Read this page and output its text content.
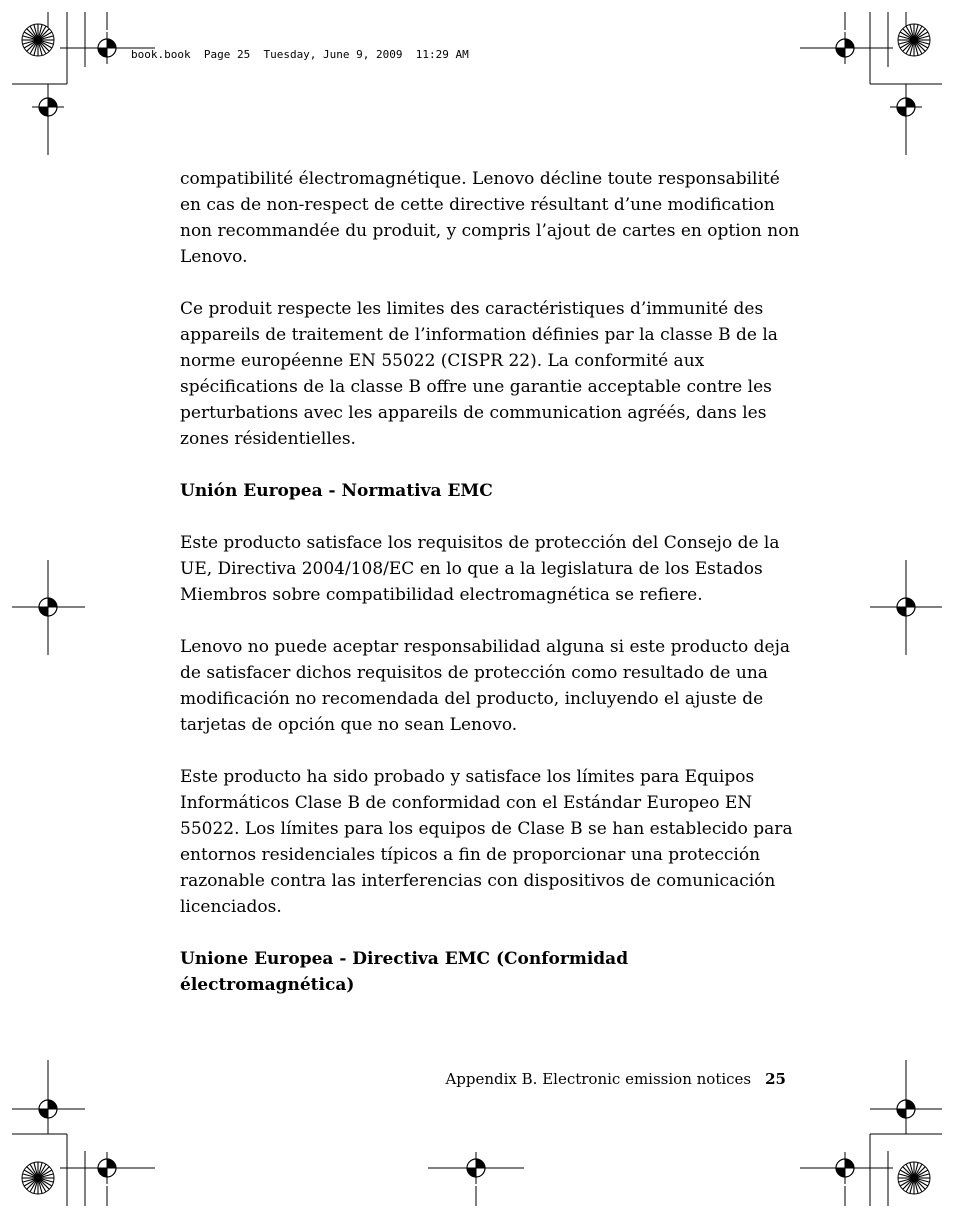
book.book  Page 25  Tuesday, June 9, 2009  11:29 AM

compatibilité électromagnétique. Lenovo décline toute responsabilité en cas de non-respect de cette directive résultant d’une modification non recommandée du produit, y compris l’ajout de cartes en option non Lenovo.

Ce produit respecte les limites des caractéristiques d’immunité des appareils de traitement de l’information définies par la classe B de la norme européenne EN 55022 (CISPR 22). La conformité aux spécifications de la classe B offre une garantie acceptable contre les perturbations avec les appareils de communication agréés, dans les zones résidentielles.

Unión Europea - Normativa EMC

Este producto satisface los requisitos de protección del Consejo de la UE, Directiva 2004/108/EC en lo que a la legislatura de los Estados Miembros sobre compatibilidad electromagnética se refiere.

Lenovo no puede aceptar responsabilidad alguna si este producto deja de satisfacer dichos requisitos de protección como resultado de una modificación no recomendada del producto, incluyendo el ajuste de tarjetas de opción que no sean Lenovo.

Este producto ha sido probado y satisface los límites para Equipos Informáticos Clase B de conformidad con el Estándar Europeo EN 55022. Los límites para los equipos de Clase B se han establecido para entornos residenciales típicos a fin de proporcionar una protección razonable contra las interferencias con dispositivos de comunicación licenciados.

Unione Europea - Directiva EMC (Conformidad électromagnética)
Appendix B. Electronic emission notices 25
